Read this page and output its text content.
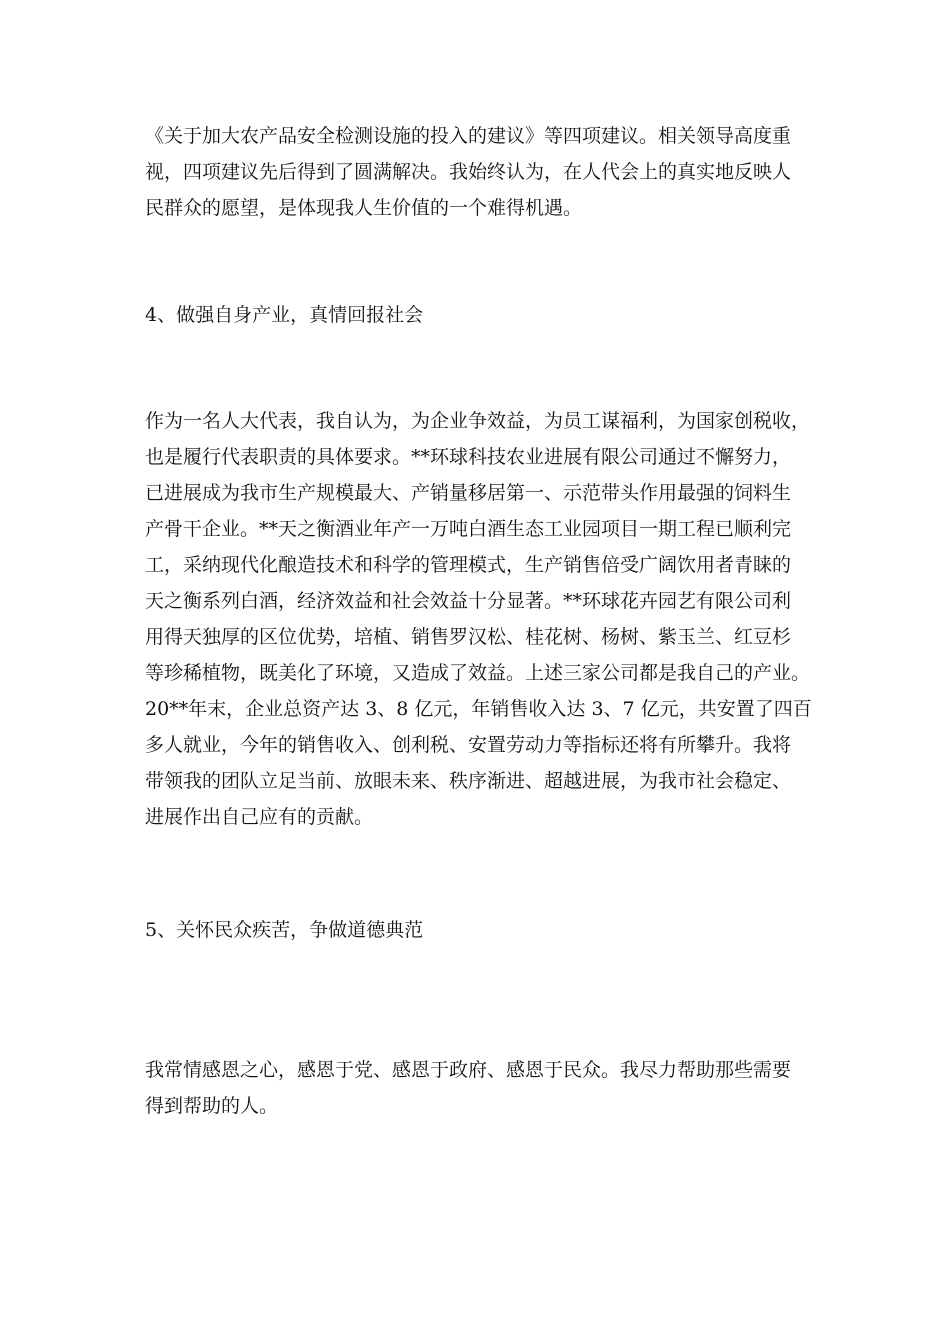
《关于加大农产品安全检测设施的投入的建议》等四项建议。相关领导高度重
视，四项建议先后得到了圆满解决。我始终认为，在人代会上的真实地反映人
民群众的愿望，是体现我人生价值的一个难得机遇。
4、做强自身产业，真情回报社会
作为一名人大代表，我自认为，为企业争效益，为员工谋福利，为国家创税收，
也是履行代表职责的具体要求。**环球科技农业进展有限公司通过不懈努力，
已进展成为我市生产规模最大、产销量移居第一、示范带头作用最强的饲料生
产骨干企业。**天之衡酒业年产一万吨白酒生态工业园项目一期工程已顺利完
工，采纳现代化酿造技术和科学的管理模式，生产销售倍受广阔饮用者青睐的
天之衡系列白酒，经济效益和社会效益十分显著。**环球花卉园艺有限公司利
用得天独厚的区位优势，培植、销售罗汉松、桂花树、杨树、紫玉兰、红豆杉
等珍稀植物，既美化了环境，又造成了效益。上述三家公司都是我自己的产业。
20**年末，企业总资产达 3、8 亿元，年销售收入达 3、7 亿元，共安置了四百
多人就业，今年的销售收入、创利税、安置劳动力等指标还将有所攀升。我将
带领我的团队立足当前、放眼未来、秩序渐进、超越进展，为我市社会稳定、
进展作出自己应有的贡献。
5、关怀民众疾苦，争做道德典范
我常情感恩之心，感恩于党、感恩于政府、感恩于民众。我尽力帮助那些需要
得到帮助的人。
